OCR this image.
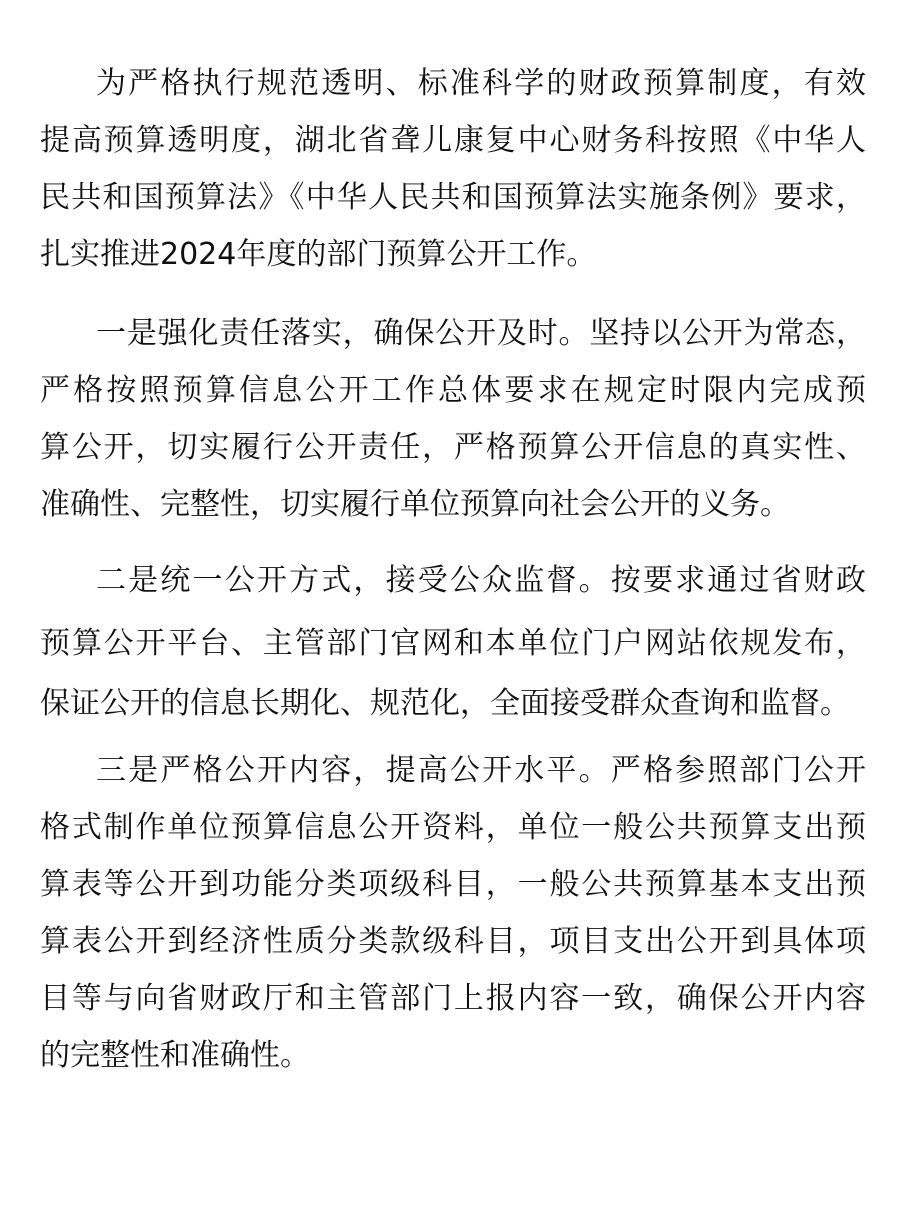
为严格执行规范透明、标准科学的财政预算制度，有效
提高预算透明度，湖北省聋儿康复中心财务科按照《中华人
民共和国预算法》《中华人民共和国预算法实施条例》要求，
扎实推进2024年度的部门预算公开工作。
一是强化责任落实，确保公开及时。坚持以公开为常态，
严格按照预算信息公开工作总体要求在规定时限内完成预
算公开，切实履行公开责任，严格预算公开信息的真实性、
准确性、完整性，切实履行单位预算向社会公开的义务。
二是统一公开方式，接受公众监督。按要求通过省财政
预算公开平台、主管部门官网和本单位门户网站依规发布，
保证公开的信息长期化、规范化，全面接受群众查询和监督。
三是严格公开内容，提高公开水平。严格参照部门公开
格式制作单位预算信息公开资料，单位一般公共预算支出预
算表等公开到功能分类项级科目，一般公共预算基本支出预
算表公开到经济性质分类款级科目，项目支出公开到具体项
目等与向省财政厅和主管部门上报内容一致，确保公开内容
的完整性和准确性。
